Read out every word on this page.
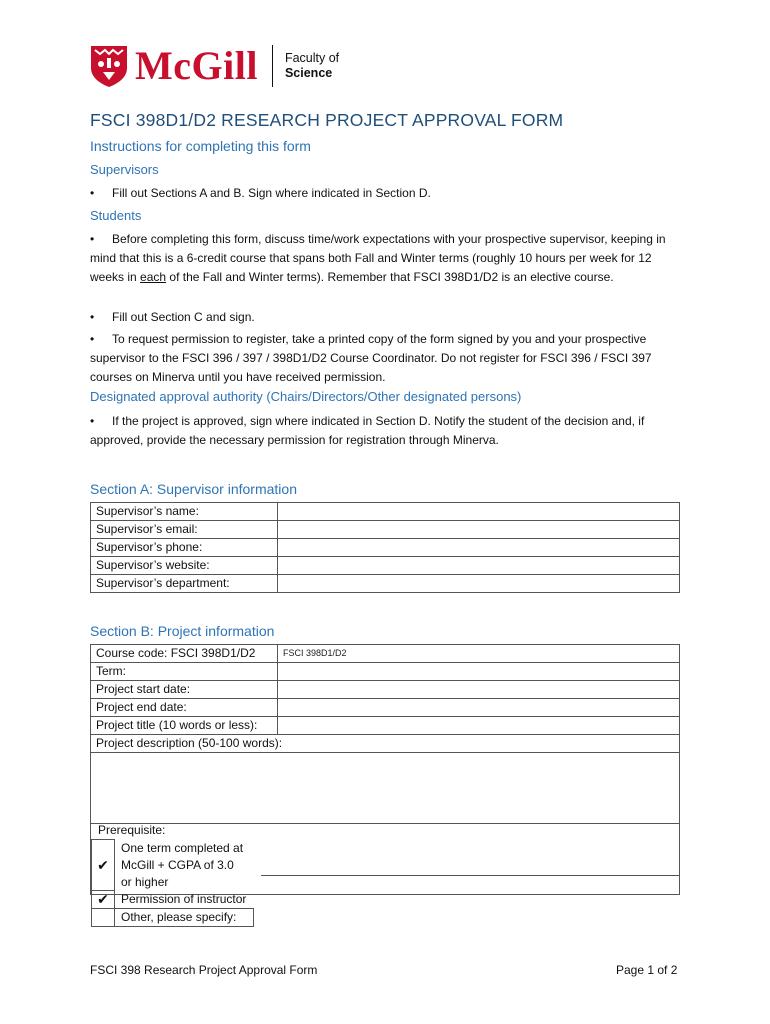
McGill Faculty of
Science
FSCI 398D1/D2 RESEARCH PROJECT APPROVAL FORM
Instructions for completing this form
Supervisors
• Fill out Sections A and B. Sign where indicated in Section D.
Students
• Before completing this form, discuss time/work expectations with your prospective supervisor, keeping in mind that this is a 6-credit course that spans both Fall and Winter terms (roughly 10 hours per week for 12 weeks in each of the Fall and Winter terms). Remember that FSCI 398D1/D2 is an elective course.
• Fill out Section C and sign.
• To request permission to register, take a printed copy of the form signed by you and your prospective supervisor to the FSCI 396 / 397 / 398D1/D2 Course Coordinator. Do not register for FSCI 396 / FSCI 397 courses on Minerva until you have received permission.
Designated approval authority (Chairs/Directors/Other designated persons)
• If the project is approved, sign where indicated in Section D. Notify the student of the decision and, if approved, provide the necessary permission for registration through Minerva.
Section A: Supervisor information
Supervisor’s name:	
Supervisor’s email:	
Supervisor’s phone:	
Supervisor’s website:	
Supervisor’s department:	
Section B: Project information
Course code: FSCI 398D1/D2	FSCI 398D1/D2
Term:	
Project start date:	
Project end date:	
Project title (10 words or less):	
Project description (50-100 words):	

Prerequisite:
✔	One term completed at McGill + CGPA of 3.0 or higher
✔	Permission of instructor
	Other, please specify:
FSCI 398 Research Project Approval Form	Page 1 of 2
